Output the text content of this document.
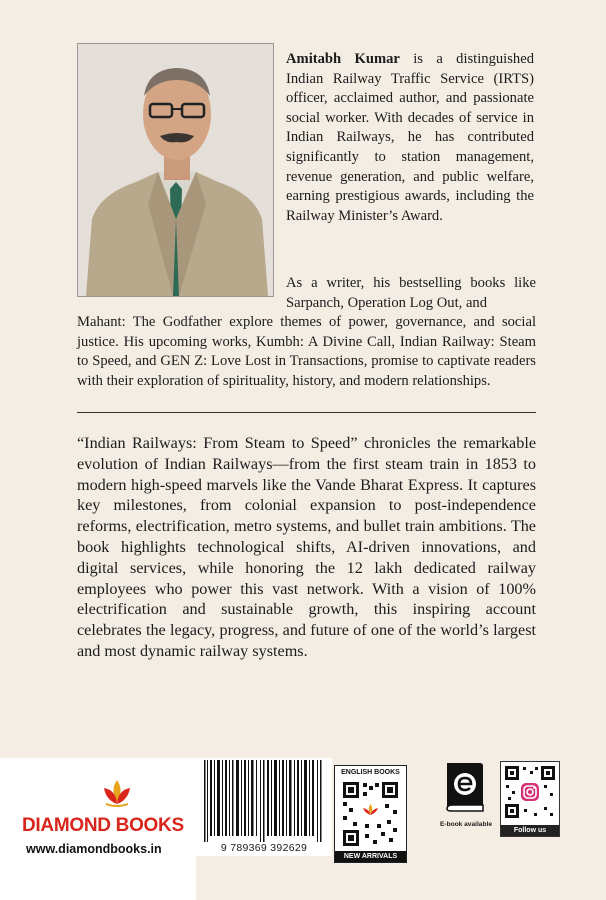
Amitabh Kumar is a distinguished Indian Railway Traffic Service (IRTS) officer, acclaimed author, and passionate social worker. With decades of service in Indian Railways, he has contributed significantly to station management, revenue generation, and public welfare, earning prestigious awards, including the Railway Minister’s Award.
As a writer, his bestselling books like Sarpanch, Operation Log Out, and
Mahant: The Godfather explore themes of power, governance, and social justice. His upcoming works, Kumbh: A Divine Call, Indian Railway: Steam to Speed, and GEN Z: Love Lost in Transactions, promise to captivate readers with their exploration of spirituality, history, and modern relationships.
“Indian Railways: From Steam to Speed” chronicles the remarkable evolution of Indian Railways—from the first steam train in 1853 to modern high-speed marvels like the Vande Bharat Express. It captures key milestones, from colonial expansion to post-independence reforms, electrification, metro systems, and bullet train ambitions. The book highlights technological shifts, AI-driven innovations, and digital services, while honoring the 12 lakh dedicated railway employees who power this vast network. With a vision of 100% electrification and sustainable growth, this inspiring account celebrates the legacy, progress, and future of one of the world’s largest and most dynamic railway systems.
DIAMOND BOOKS
www.diamondbooks.in	9 789369 392629
ENGLISH BOOKS
NEW ARRIVALS
E-book available
Follow us
